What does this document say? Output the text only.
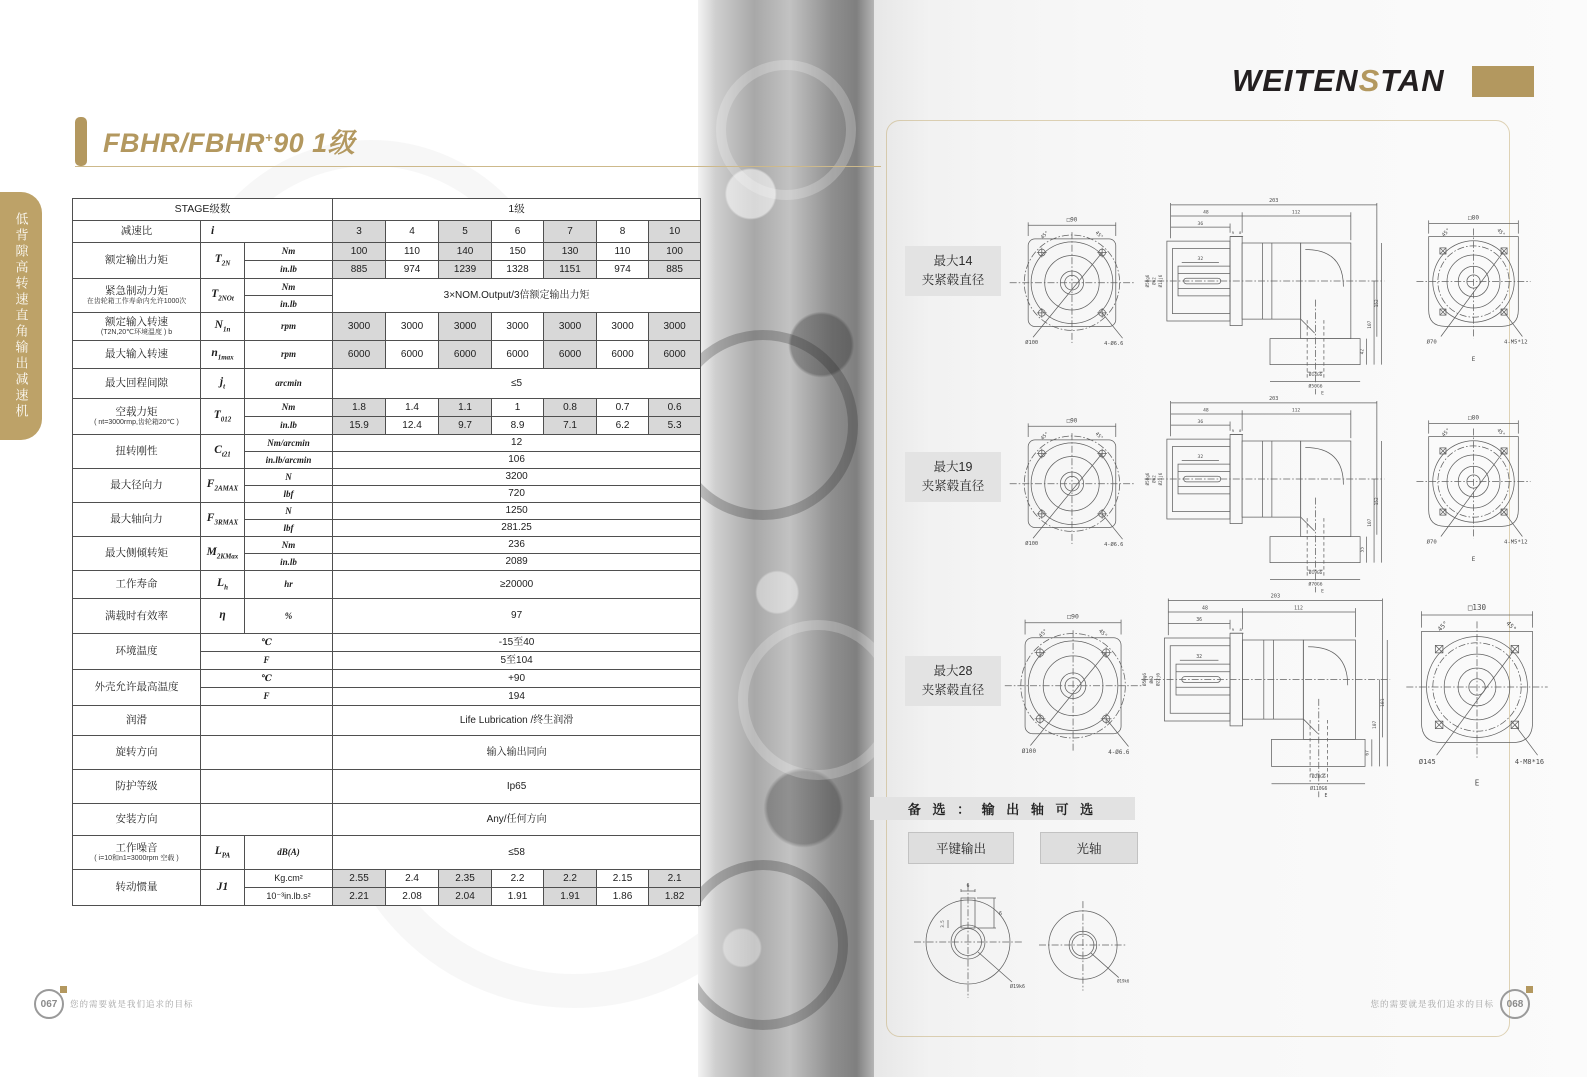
FBHR/FBHR+90 1级
WEITENSTAN
低背隙高转速直角输出减速机
STAGE级数			1级						
减速比	i		3	4	5	6	7	8	10

额定输出力矩	$T_{2N}$	Nm	100	110	140	150	130	110	100
		in.lb	885	974	1239	1328	1151	974	885

紧急制动力矩
在齿轮箱工作寿命内允许1000次	$T_{2NOt}$	Nm	3×NOM.Output/3倍额定输出力矩						
		in.lb							

额定输入转速
(T2N,20℃环境温度 ) b	$N_{1n}$	rpm	3000	3000	3000	3000	3000	3000	3000

最大输入转速	$n_{1max}$	rpm	6000	6000	6000	6000	6000	6000	6000

最大回程间隙	$j_t$	arcmin	≤5						

空载力矩
( nt=3000rmp,齿轮箱20℃ )	$T_{012}$	Nm	1.8	1.4	1.1	1	0.8	0.7	0.6
		in.lb	15.9	12.4	9.7	8.9	7.1	6.2	5.3

扭转刚性	$C_{t21}$	Nm/arcmin	12						
		in.lb/arcmin	106						

最大径向力	$F_{2AMAX}$	N	3200						
		lbf	720						

最大轴向力	$F_{3RMAX}$	N	1250						
		lbf	281.25						

最大侧倾转矩	$M_{2KMax}$	Nm	236						
		in.lb	2089						

工作寿命	$L_h$	hr	≥20000						

满载时有效率	η	%	97						

环境温度	℃		-15至40						
	F		5至104						

外壳允许最高温度	℃		+90						
	F		194						

润滑			Life Lubrication /终生润滑						

旋转方向			输入输出同向						

防护等级			Ip65						

安装方向			Any/任何方向						

工作噪音
( i=10和n1=3000rpm 空载 )	$L_{PA}$	dB(A)	≤58						

转动惯量	J1	Kg.cm²	2.55	2.4	2.35	2.2	2.2	2.15	2.1
		10⁻³in.lb.s²	2.21	2.08	2.04	1.91	1.91	1.86	1.82
最大14
夹紧毂直径
□90
45°	45°
Ø100	4-Ø6.6
203
48	112
36
9 8
32
42
107
152
Ø50g6 Ø62 Ø14j6
Ø14G6
Ø50G6
E
□80
45°	45°
Ø70	4-M5*12
E
最大19
夹紧毂直径
□90
45°	45°
Ø100	4-Ø6.6
203
48	112
36
9 8
32
55
107
152
Ø50g6 Ø62 Ø21j6
Ø19G6
Ø70G6
E
□80
45°	45°
Ø70	4-M5*12
E
最大28
夹紧毂直径
□90
45°	45°
Ø100	4-Ø6.6
203
48	112
36
9 8
32
67
107
181
Ø50g6 Ø62 Ø22j6
Ø28G6
Ø110G6
E
□130
45°	45°
Ø145	4-M8*16
E
6
6
3.5
Ø19k6
Ø19k6
备 选 ： 输 出 轴 可 选
平键输出	光轴
067	您的需要就是我们追求的目标	您的需要就是我们追求的目标	068
